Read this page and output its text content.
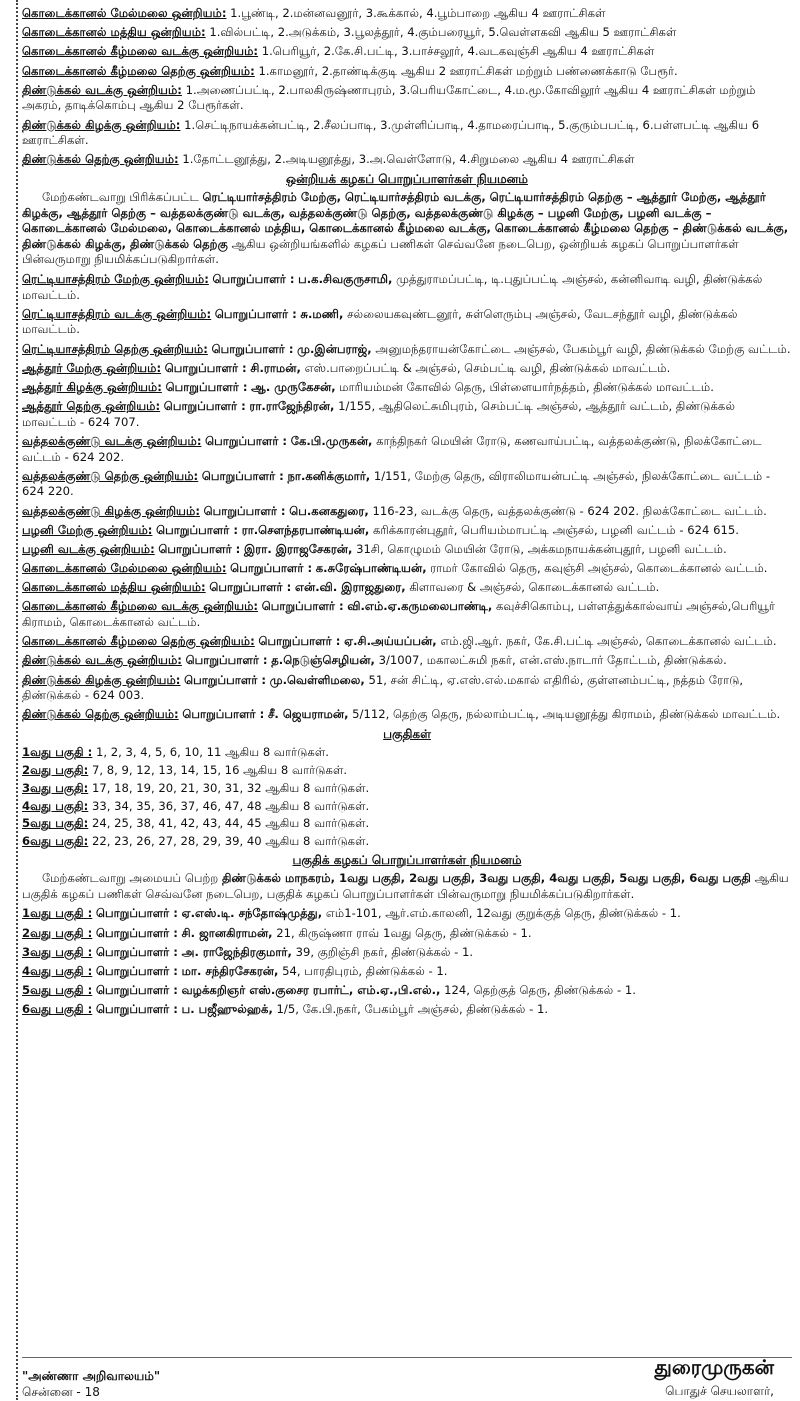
கொடைக்கானல் மேல்மலை ஒன்றியம்: 1.பூண்டி, 2.மன்னவனூர், 3.கூக்கால், 4.பூம்பாறை ஆகிய 4 ஊராட்சிகள்
கொடைக்கானல் மத்திய ஒன்றியம்: 1.வில்பட்டி, 2.அடுக்கம், 3.பூலத்தூர், 4.கும்பரையூர், 5.வெள்ளகவி ஆகிய 5 ஊராட்சிகள்
கொடைக்கானல் கீழ்மலை வடக்கு ஒன்றியம்: 1.பெரியூர், 2.கே.சி.பட்டி, 3.பாச்சலூர், 4.வடகவுஞ்சி ஆகிய 4 ஊராட்சிகள்
கொடைக்கானல் கீழ்மலை தெற்கு ஒன்றியம்: 1.காமனூர், 2.தாண்டிக்குடி ஆகிய 2 ஊராட்சிகள் மற்றும் பண்ணைக்காடு பேரூர்.
திண்டுக்கல் வடக்கு ஒன்றியம்: 1.அணைப்பட்டி, 2.பாலகிருஷ்ணாபுரம், 3.பெரியகோட்டை, 4.ம.மூ.கோவிலூர் ஆகிய 4 ஊராட்சிகள் மற்றும் அகரம், தாடிக்கொம்பு ஆகிய 2 பேரூர்கள்.
திண்டுக்கல் கிழக்கு ஒன்றியம்: 1.செட்டிநாயக்கன்பட்டி, 2.சீலப்பாடி, 3.முள்ளிப்பாடி, 4.தாமரைப்பாடி, 5.குரும்பபட்டி, 6.பள்ளபட்டி ஆகிய 6 ஊராட்சிகள்.
திண்டுக்கல் தெற்கு ஒன்றியம்: 1.தோட்டனூத்து, 2.அடியனூத்து, 3.அ.வெள்ளோடு, 4.சிறுமலை ஆகிய 4 ஊராட்சிகள்
ஒன்றியக் கழகப் பொறுப்பாளர்கள் நியமனம்
மேற்கண்டவாறு பிரிக்கப்பட்ட ரெட்டியார்சத்திரம் மேற்கு, ரெட்டியார்சத்திரம் வடக்கு, ரெட்டியார்சத்திரம் தெற்கு – ஆத்தூர் மேற்கு, ஆத்தூர் கிழக்கு, ஆத்தூர் தெற்கு – வத்தலக்குண்டு வடக்கு, வத்தலக்குண்டு தெற்கு, வத்தலக்குண்டு கிழக்கு – பழனி மேற்கு, பழனி வடக்கு – கொடைக்கானல் மேல்மலை, கொடைக்கானல் மத்திய, கொடைக்கானல் கீழ்மலை வடக்கு, கொடைக்கானல் கீழ்மலை தெற்கு – திண்டுக்கல் வடக்கு, திண்டுக்கல் கிழக்கு, திண்டுக்கல் தெற்கு ஆகிய ஒன்றியங்களில் கழகப் பணிகள் செவ்வனே நடைபெற, ஒன்றியக் கழகப் பொறுப்பாளர்கள் பின்வருமாறு நியமிக்கப்படுகிறார்கள்.
ரெட்டியாசத்திரம் மேற்கு ஒன்றியம்: பொறுப்பாளர் : ப.க.சிவகுருசாமி, முத்துராமப்பட்டி, டி.புதுப்பட்டி அஞ்சல், கன்னிவாடி வழி, திண்டுக்கல் மாவட்டம்.
ரெட்டியாசத்திரம் வடக்கு ஒன்றியம்: பொறுப்பாளர் : சு.மணி, சல்லையகவுண்டனூர், சுள்ளெரும்பு அஞ்சல், வேடசந்தூர் வழி, திண்டுக்கல் மாவட்டம்.
ரெட்டியாசத்திரம் தெற்கு ஒன்றியம்: பொறுப்பாளர் : மு.இன்பராஜ், அனுமந்தராயன்கோட்டை அஞ்சல், பேகம்பூர் வழி, திண்டுக்கல் மேற்கு வட்டம்.
ஆத்தூர் மேற்கு ஒன்றியம்: பொறுப்பாளர் : சி.ராமன், எஸ்.பாறைப்பட்டி & அஞ்சல், செம்பட்டி வழி, திண்டுக்கல் மாவட்டம்.
ஆத்தூர் கிழக்கு ஒன்றியம்: பொறுப்பாளர் : ஆ. முருகேசன், மாரியம்மன் கோவில் தெரு, பிள்ளையார்நத்தம், திண்டுக்கல் மாவட்டம்.
ஆத்தூர் தெற்கு ஒன்றியம்: பொறுப்பாளர் : ரா.ராஜேந்திரன், 1/155, ஆதிலெட்சுமிபுரம், செம்பட்டி அஞ்சல், ஆத்தூர் வட்டம், திண்டுக்கல் மாவட்டம் - 624 707.
வத்தலக்குண்டு வடக்கு ஒன்றியம்: பொறுப்பாளர் : கே.பி.முருகன், காந்திநகர் மெயின் ரோடு, கணவாய்பட்டி, வத்தலக்குண்டு, நிலக்கோட்டை வட்டம் - 624 202.
வத்தலக்குண்டு தெற்கு ஒன்றியம்: பொறுப்பாளர் : நா.கனிக்குமார், 1/151, மேற்கு தெரு, விராலிமாயன்பட்டி அஞ்சல், நிலக்கோட்டை வட்டம் - 624 220.
வத்தலக்குண்டு கிழக்கு ஒன்றியம்: பொறுப்பாளர் : பெ.கனகதுரை, 116-23, வடக்கு தெரு, வத்தலக்குண்டு - 624 202. நிலக்கோட்டை வட்டம்.
பழனி மேற்கு ஒன்றியம்: பொறுப்பாளர் : ரா.சௌந்தரபாண்டியன், கரிக்காரன்புதூர், பெரியம்மாபட்டி அஞ்சல், பழனி வட்டம் - 624 615.
பழனி வடக்கு ஒன்றியம்: பொறுப்பாளர் : இரா. இராஜசேகரன், 31சி, கொழுமம் மெயின் ரோடு, அக்கமநாயக்கன்புதூர், பழனி வட்டம்.
கொடைக்கானல் மேல்மலை ஒன்றியம்: பொறுப்பாளர் : க.சுரேஷ்பாண்டியன், ராமர் கோவில் தெரு, கவுஞ்சி அஞ்சல், கொடைக்கானல் வட்டம்.
கொடைக்கானல் மத்திய ஒன்றியம்: பொறுப்பாளர் : என்.வி. இராஜதுரை, கிளாவரை & அஞ்சல், கொடைக்கானல் வட்டம்.
கொடைக்கானல் கீழ்மலை வடக்கு ஒன்றியம்: பொறுப்பாளர் : வி.எம்.ஏ.கருமலைபாண்டி, கவுச்சிகொம்பு, பள்ளத்துக்கால்வாய் அஞ்சல்,பெரியூர் கிராமம், கொடைக்கானல் வட்டம்.
கொடைக்கானல் கீழ்மலை தெற்கு ஒன்றியம்: பொறுப்பாளர் : ஏ.சி.அய்யப்பன், எம்.ஜி.ஆர். நகர், கே.சி.பட்டி அஞ்சல், கொடைக்கானல் வட்டம்.
திண்டுக்கல் வடக்கு ஒன்றியம்: பொறுப்பாளர் : த.நெடுஞ்செழியன், 3/1007, மகாலட்சுமி நகர், என்.எஸ்.நாடார் தோட்டம், திண்டுக்கல்.
திண்டுக்கல் கிழக்கு ஒன்றியம்: பொறுப்பாளர் : மு.வெள்ளிமலை, 51, சன் சிட்டி, ஏ.எஸ்.எல்.மகால் எதிரில், குள்ளனம்பட்டி, நத்தம் ரோடு, திண்டுக்கல் - 624 003.
திண்டுக்கல் தெற்கு ஒன்றியம்: பொறுப்பாளர் : சீ. ஜெயராமன், 5/112, தெற்கு தெரு, நல்லாம்பட்டி, அடியனூத்து கிராமம், திண்டுக்கல் மாவட்டம்.
பகுதிகள்
1வது பகுதி : 1, 2, 3, 4, 5, 6, 10, 11 ஆகிய 8 வார்டுகள்.
2வது பகுதி: 7, 8, 9, 12, 13, 14, 15, 16 ஆகிய 8 வார்டுகள்.
3வது பகுதி: 17, 18, 19, 20, 21, 30, 31, 32 ஆகிய 8 வார்டுகள்.
4வது பகுதி: 33, 34, 35, 36, 37, 46, 47, 48 ஆகிய 8 வார்டுகள்.
5வது பகுதி: 24, 25, 38, 41, 42, 43, 44, 45 ஆகிய 8 வார்டுகள்.
6வது பகுதி: 22, 23, 26, 27, 28, 29, 39, 40 ஆகிய 8 வார்டுகள்.
பகுதிக் கழகப் பொறுப்பாளர்கள் நியமனம்
மேற்கண்டவாறு அமையப் பெற்ற திண்டுக்கல் மாநகரம், 1வது பகுதி, 2வது பகுதி, 3வது பகுதி, 4வது பகுதி, 5வது பகுதி, 6வது பகுதி ஆகிய பகுதிக் கழகப் பணிகள் செவ்வனே நடைபெற, பகுதிக் கழகப் பொறுப்பாளர்கள் பின்வருமாறு நியமிக்கப்படுகிறார்கள்.
1வது பகுதி : பொறுப்பாளர் : ஏ.எஸ்.டி. சந்தோஷ்முத்து, எம்1-101, ஆர்.எம்.காலனி, 12வது குறுக்குத் தெரு, திண்டுக்கல் - 1.
2வது பகுதி : பொறுப்பாளர் : சி. ஜானகிராமன், 21, கிருஷ்ணா ராவ் 1வது தெரு, திண்டுக்கல் - 1.
3வது பகுதி : பொறுப்பாளர் : அ. ராஜேந்திரகுமார், 39, குறிஞ்சி நகர், திண்டுக்கல் - 1.
4வது பகுதி : பொறுப்பாளர் : மா. சந்திரசேகரன், 54, பாரதிபுரம், திண்டுக்கல் - 1.
5வது பகுதி : பொறுப்பாளர் : வழக்கறிஞர் எஸ்.குசைர ரபார்ட், எம்.ஏ.,பி.எல்., 124, தெற்குத் தெரு, திண்டுக்கல் - 1.
6வது பகுதி : பொறுப்பாளர் : ப. பஜீஹுல்ஹக், 1/5, கே.பி.நகர், பேகம்பூர் அஞ்சல், திண்டுக்கல் - 1.
"அண்ணா அறிவாலயம்"
சென்னை - 18
துரைமுருகன்
பொதுச் செயலாளர்,
